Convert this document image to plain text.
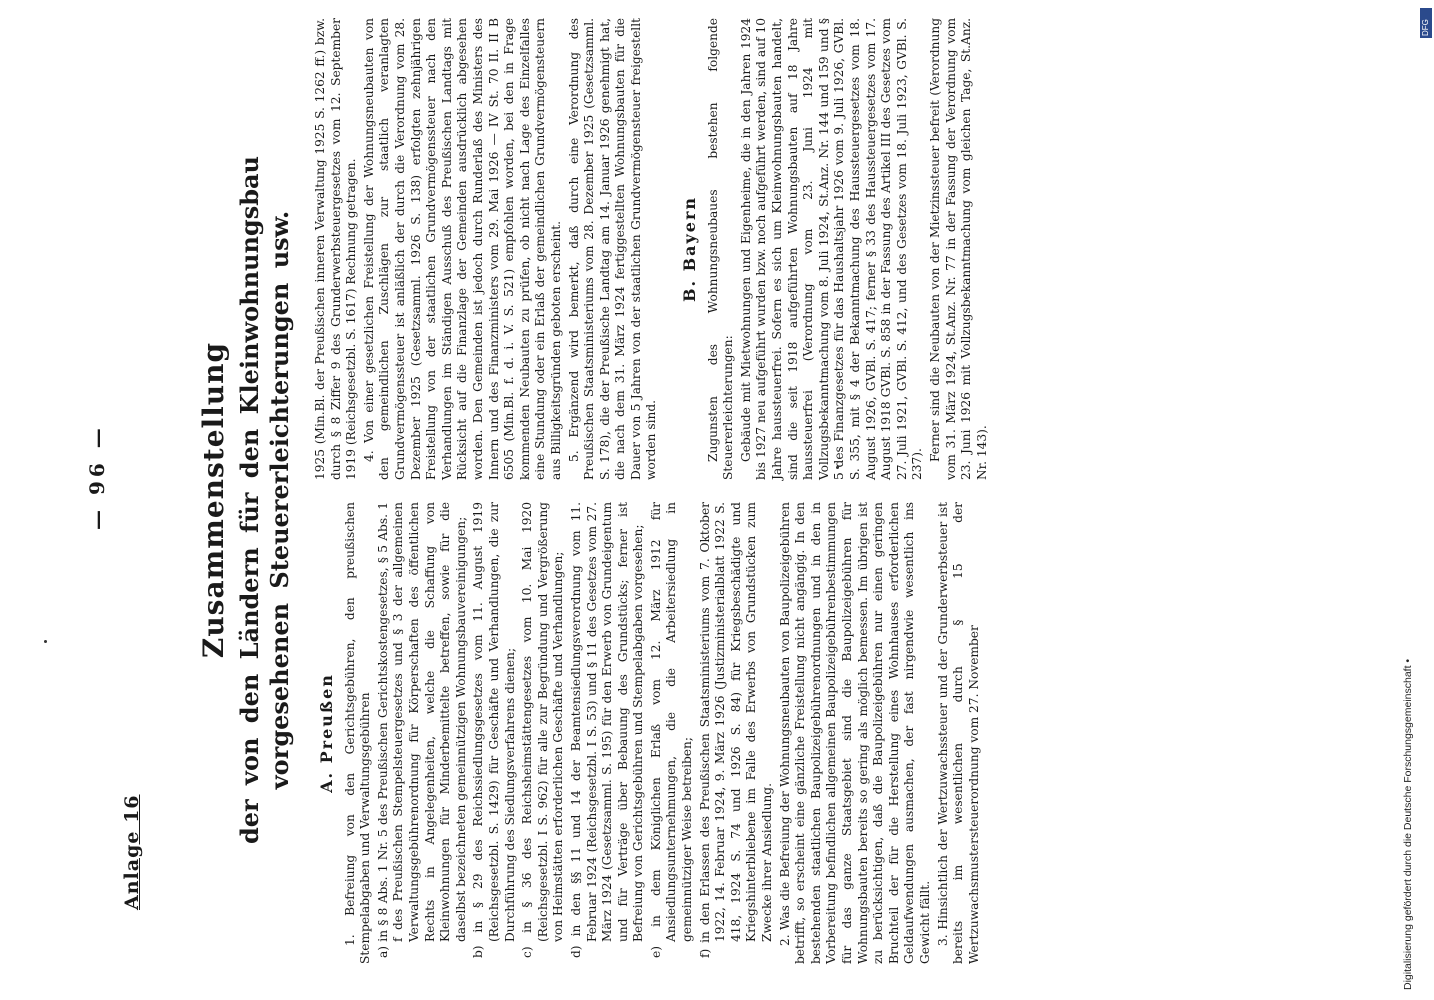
Digitalisierung gefördert durch die Deutsche Forschungsgemeinschaft •
DFG
Anlage 16
— 96 —	Zusammenstellung der von den Ländern für den Kleinwohnungsbau vorgesehenen Steuererleichterungen usw. A. Preußen 1. Befreiung von den Gerichtsgebühren, den preußischen Stempelabgaben und Verwaltungsgebühren a) in § 8 Abs. 1 Nr. 5 des Preußischen Gerichtskostengesetzes, § 5 Abs. 1 f des Preußischen Stempelsteuergesetzes und § 3 der allgemeinen Verwaltungsgebührenordnung für Körperschaften des öffentlichen Rechts in Angelegenheiten, welche die Schaffung von Kleinwohnungen für Minderbemittelte betreffen, sowie für die daselbst bezeichneten gemeinnützigen Wohnungsbauvereinigungen; b) in § 29 des Reichssiedlungsgesetzes vom 11. August 1919 (Reichsgesetzbl. S. 1429) für Geschäfte und Verhandlungen, die zur Durchführung des Siedlungsverfahrens dienen; c) in § 36 des Reichsheimstättengesetzes vom 10. Mai 1920 (Reichsgesetzbl. I S. 962) für alle zur Begründung und Vergrößerung von Heimstätten erforderlichen Geschäfte und Verhandlungen; d) in den §§ 11 und 14 der Beamtensiedlungsverordnung vom 11. Februar 1924 (Reichsgesetzbl. I S. 53) und § 11 des Gesetzes vom 27. März 1924 (Gesetzsamml. S. 195) für den Erwerb von Grundeigentum und für Verträge über Bebauung des Grundstücks; ferner ist Befreiung von Gerichtsgebühren und Stempelabgaben vorgesehen; e) in dem Königlichen Erlaß vom 12. März 1912 für Ansiedlungsunternehmungen, die die Arbeitersiedlung in gemeinnütziger Weise betreiben; f) in den Erlassen des Preußischen Staatsministeriums vom 7. Oktober 1922, 14. Februar 1924, 9. März 1926 (Justizministerialblatt 1922 S. 418, 1924 S. 74 und 1926 S. 84) für Kriegsbeschädigte und Kriegshinterbliebene im Falle des Erwerbs von Grundstücken zum Zwecke ihrer Ansiedlung. 2. Was die Befreiung der Wohnungsneubauten von Baupolizeigebühren betrifft, so erscheint eine gänzliche Freistellung nicht angängig. In den bestehenden staatlichen Baupolizeigebührenordnungen und in den in Vorbereitung befindlichen allgemeinen Baupolizeigebührenbestimmungen für das ganze Staatsgebiet sind die Baupolizeigebühren für Wohnungsbauten bereits so gering als möglich bemessen. Im übrigen ist zu berücksichtigen, daß die Baupolizeigebühren nur einen geringen Bruchteil der für die Herstellung eines Wohnhauses erforderlichen Geldaufwendungen ausmachen, der fast nirgendwie wesentlich ins Gewicht fällt. 3. Hinsichtlich der Wertzuwachssteuer und der Grunderwerbsteuer ist bereits im wesentlichen durch § 15 der Wertzuwachsmustersteuerordnung vom 27. November

1925 (Min.Bl. der Preußischen inneren Verwaltung 1925 S. 1262 ff.) bzw. durch § 8 Ziffer 9 des Grunderwerbsteuergesetzes vom 12. September 1919 (Reichsgesetzbl. S. 1617) Rechnung getragen. 4. Von einer gesetzlichen Freistellung der Wohnungsneubauten von den gemeindlichen Zuschlägen zur staatlich veranlagten Grundvermögenssteuer ist anläßlich der durch die Verordnung vom 28. Dezember 1925 (Gesetzsamml. 1926 S. 138) erfolgten zehnjährigen Freistellung von der staatlichen Grundvermögenssteuer nach den Verhandlungen im Ständigen Ausschuß des Preußischen Landtags mit Rücksicht auf die Finanzlage der Gemeinden ausdrücklich abgesehen worden. Den Gemeinden ist jedoch durch Runderlaß des Ministers des Innern und des Finanzministers vom 29. Mai 1926 — IV St. 70 II. II B 6505 (Min.Bl. f. d. i. V. S. 521) empfohlen worden, bei den in Frage kommenden Neubauten zu prüfen, ob nicht nach Lage des Einzelfalles eine Stundung oder ein Erlaß der gemeindlichen Grundvermögensteuern aus Billigkeitsgründen geboten erscheint. 5. Ergänzend wird bemerkt, daß durch eine Verordnung des Preußischen Staatsministeriums vom 28. Dezember 1925 (Gesetzsamml. S. 178), die der Preußische Landtag am 14. Januar 1926 genehmigt hat, die nach dem 31. März 1924 fertiggestellten Wohnungsbauten für die Dauer von 5 Jahren von der staatlichen Grundvermögensteuer freigestellt worden sind.

B. Bayern Zugunsten des Wohnungsneubaues bestehen folgende Steuererleichterungen: Gebäude mit Mietwohnungen und Eigenheime, die in den Jahren 1924 bis 1927 neu aufgeführt wurden bzw. noch aufgeführt werden, sind auf 10 Jahre haussteuerfrei. Sofern es sich um Kleinwohnungsbauten handelt, sind die seit 1918 aufgeführten Wohnungsbauten auf 18 Jahre haussteuerfrei (Verordnung vom 23. Juni 1924 mit Vollzugsbekanntmachung vom 8. Juli 1924, St.Anz. Nr. 144 und 159 und § 5 des Finanzgesetzes für das Haushaltsjahr 1926 vom 9. Juli 1926, GVBl. S. 355, mit § 4 der Bekanntmachung des Haussteuergesetzes vom 18. August 1926, GVBl. S. 417; ferner § 33 des Haussteuergesetzes vom 17. August 1918 GVBl. S. 858 in der Fassung des Artikel III des Gesetzes vom 27. Juli 1921, GVBl. S. 412, und des Gesetzes vom 18. Juli 1923, GVBl. S. 237).

Ferner sind die Neubauten von der Mietzinssteuer befreit (Verordnung vom 31. März 1924, St.Anz. Nr. 77 in der Fassung der Verordnung vom 23. Juni 1926 mit Vollzugsbekanntmachung vom gleichen Tage, St.Anz. Nr. 143).
